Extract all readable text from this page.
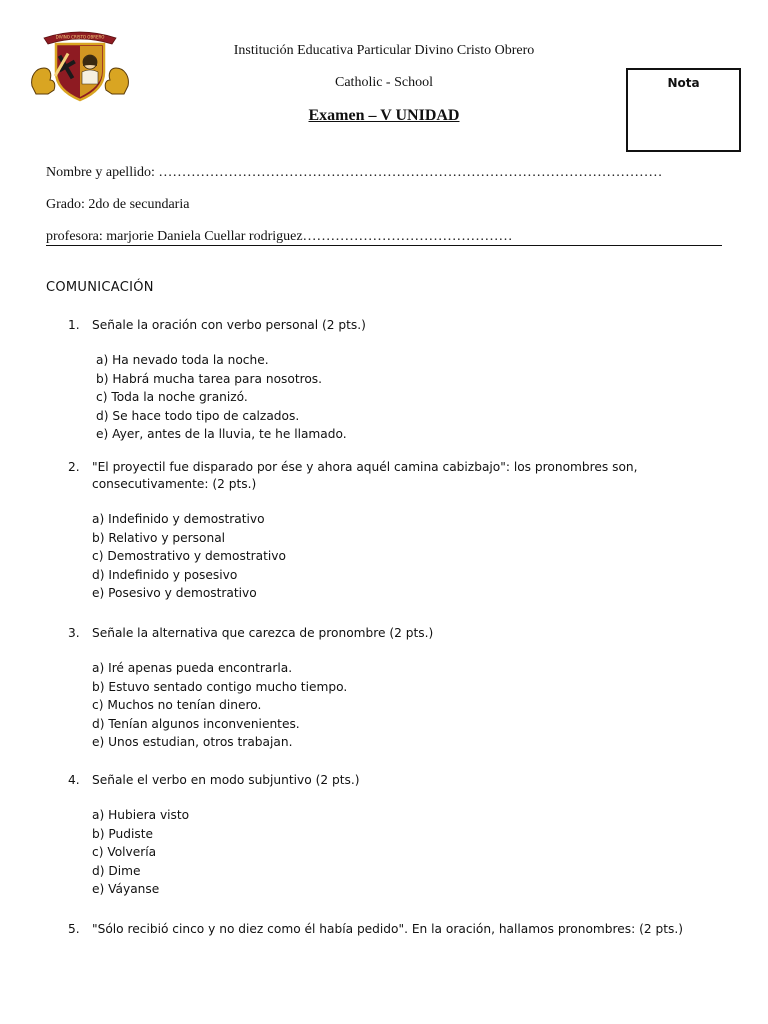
DIVINO CRISTO OBRERO
Institución Educativa Particular Divino Cristo Obrero
Catholic - School
Examen – V UNIDAD
Nota
Nombre y apellido: ………………………………………………………………………………………………
Grado: 2do de secundaria
profesora: marjorie Daniela Cuellar rodriguez………………………………………
COMUNICACIÓN
1.	Señale la oración con verbo personal (2 pts.)
a) Ha nevado toda la noche.
b) Habrá mucha tarea para nosotros.
c) Toda la noche granizó.
d) Se hace todo tipo de calzados.
e) Ayer, antes de la lluvia, te he llamado.
2.	"El proyectil fue disparado por ése y ahora aquél camina cabizbajo": los pronombres son, consecutivamente: (2 pts.)
a) Indefinido y demostrativo
b) Relativo y personal
c) Demostrativo y demostrativo
d) Indefinido y posesivo
e) Posesivo y demostrativo
3.	Señale la alternativa que carezca de pronombre (2 pts.)
a) Iré apenas pueda encontrarla.
b) Estuvo sentado contigo mucho tiempo.
c) Muchos no tenían dinero.
d) Tenían algunos inconvenientes.
e) Unos estudian, otros trabajan.
4.	Señale el verbo en modo subjuntivo (2 pts.)
a) Hubiera visto
b) Pudiste
c) Volvería
d) Dime
e) Váyanse
5.	"Sólo recibió cinco y no diez como él había pedido". En la oración, hallamos pronombres: (2 pts.)
